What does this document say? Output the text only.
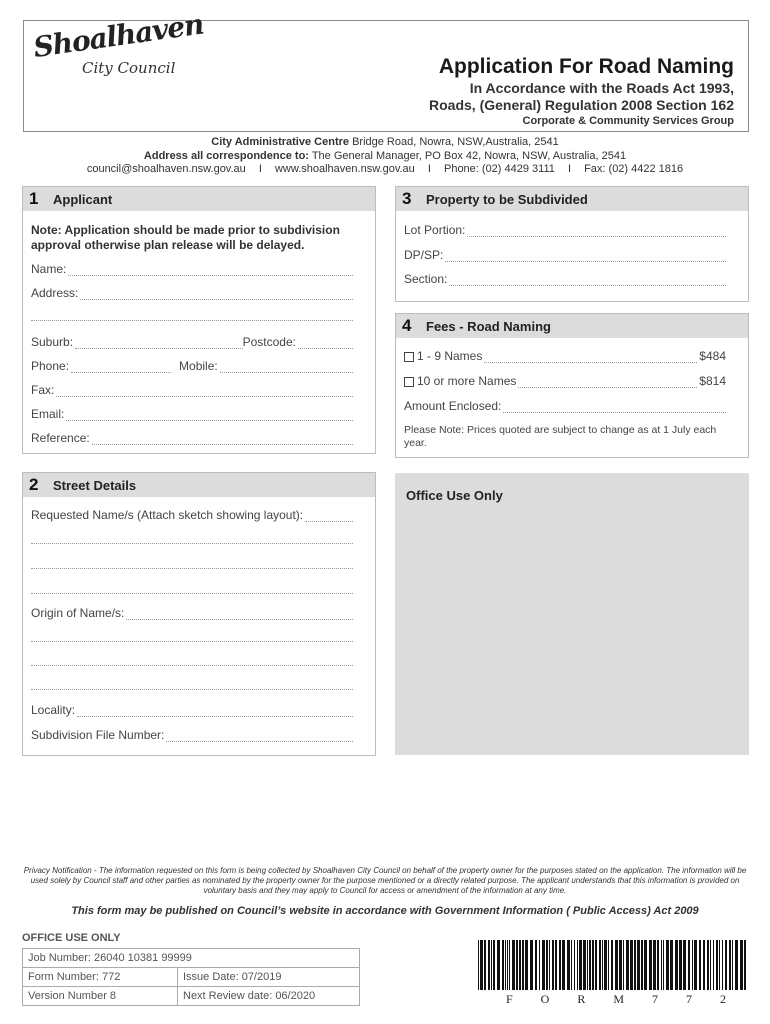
Shoalhaven
City Council	Application For Road Naming
In Accordance with the Roads Act 1993,
Roads, (General) Regulation 2008 Section 162
Corporate & Community Services Group
City Administrative Centre Bridge Road, Nowra, NSW,Australia, 2541
Address all correspondence to: The General Manager, PO Box 42, Nowra, NSW, Australia, 2541
council@shoalhaven.nsw.gov.au I www.shoalhaven.nsw.gov.au I Phone: (02) 4429 3111 I Fax: (02) 4422 1816
1 Applicant
Note: Application should be made prior to subdivision approval otherwise plan release will be delayed.
Name:
Address:
Suburb:	Postcode:
Phone:	Mobile:
Fax:
Email:
Reference:
2 Street Details
Requested Name/s (Attach sketch showing layout):
Origin of Name/s:
Locality:
Subdivision File Number:
3 Property to be Subdivided
Lot Portion:
DP/SP:
Section:
4 Fees - Road Naming
1 - 9 Names	$484
10 or more Names	$814
Amount Enclosed:
Please Note: Prices quoted are subject to change as at 1 July each year.
Office Use Only
Privacy Notification - The information requested on this form is being collected by Shoalhaven City Council on behalf of the property owner for the purposes stated on the application. The information will be used solely by Council staff and other parties as nominated by the property owner for the purpose mentioned or a directly related purpose. The applicant understands that this information is provided on voluntary basis and they may apply to Council for access or amendment of the information at any time.
This form may be published on Council’s website in accordance with Government Information ( Public Access) Act 2009
OFFICE USE ONLY
Job Number: 26040 10381 99999	
Form Number: 772	Issue Date: 07/2019
Version Number 8	Next Review date: 06/2020	F O R M 7 7 2
